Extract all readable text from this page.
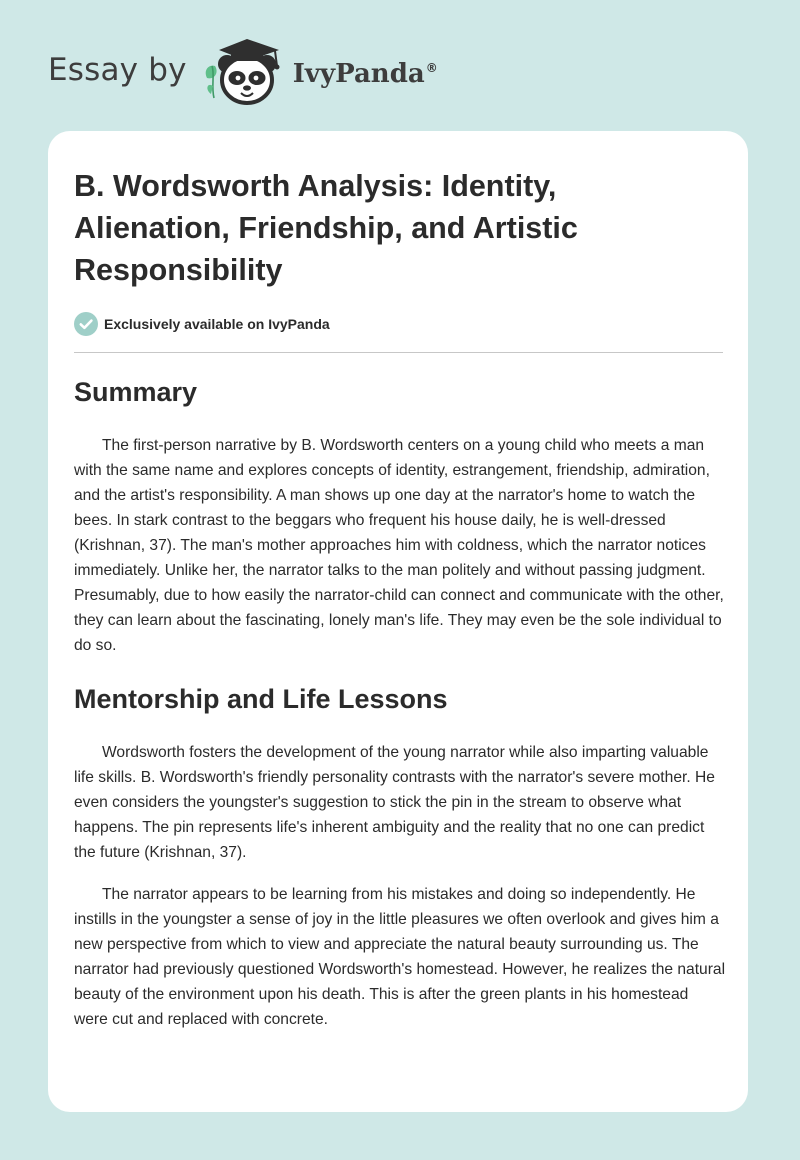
Essay by	IvyPanda®
B. Wordsworth Analysis: Identity, Alienation, Friendship, and Artistic Responsibility
Exclusively available on IvyPanda
Summary

The first-person narrative by B. Wordsworth centers on a young child who meets a man with the same name and explores concepts of identity, estrangement, friendship, admiration, and the artist's responsibility. A man shows up one day at the narrator's home to watch the bees. In stark contrast to the beggars who frequent his house daily, he is well-dressed (Krishnan, 37). The man's mother approaches him with coldness, which the narrator notices immediately. Unlike her, the narrator talks to the man politely and without passing judgment. Presumably, due to how easily the narrator-child can connect and communicate with the other, they can learn about the fascinating, lonely man's life. They may even be the sole individual to do so.

Mentorship and Life Lessons

Wordsworth fosters the development of the young narrator while also imparting valuable life skills. B. Wordsworth's friendly personality contrasts with the narrator's severe mother. He even considers the youngster's suggestion to stick the pin in the stream to observe what happens. The pin represents life's inherent ambiguity and the reality that no one can predict the future (Krishnan, 37).

The narrator appears to be learning from his mistakes and doing so independently. He instills in the youngster a sense of joy in the little pleasures we often overlook and gives him a new perspective from which to view and appreciate the natural beauty surrounding us. The narrator had previously questioned Wordsworth's homestead. However, he realizes the natural beauty of the environment upon his death. This is after the green plants in his homestead were cut and replaced with concrete.
